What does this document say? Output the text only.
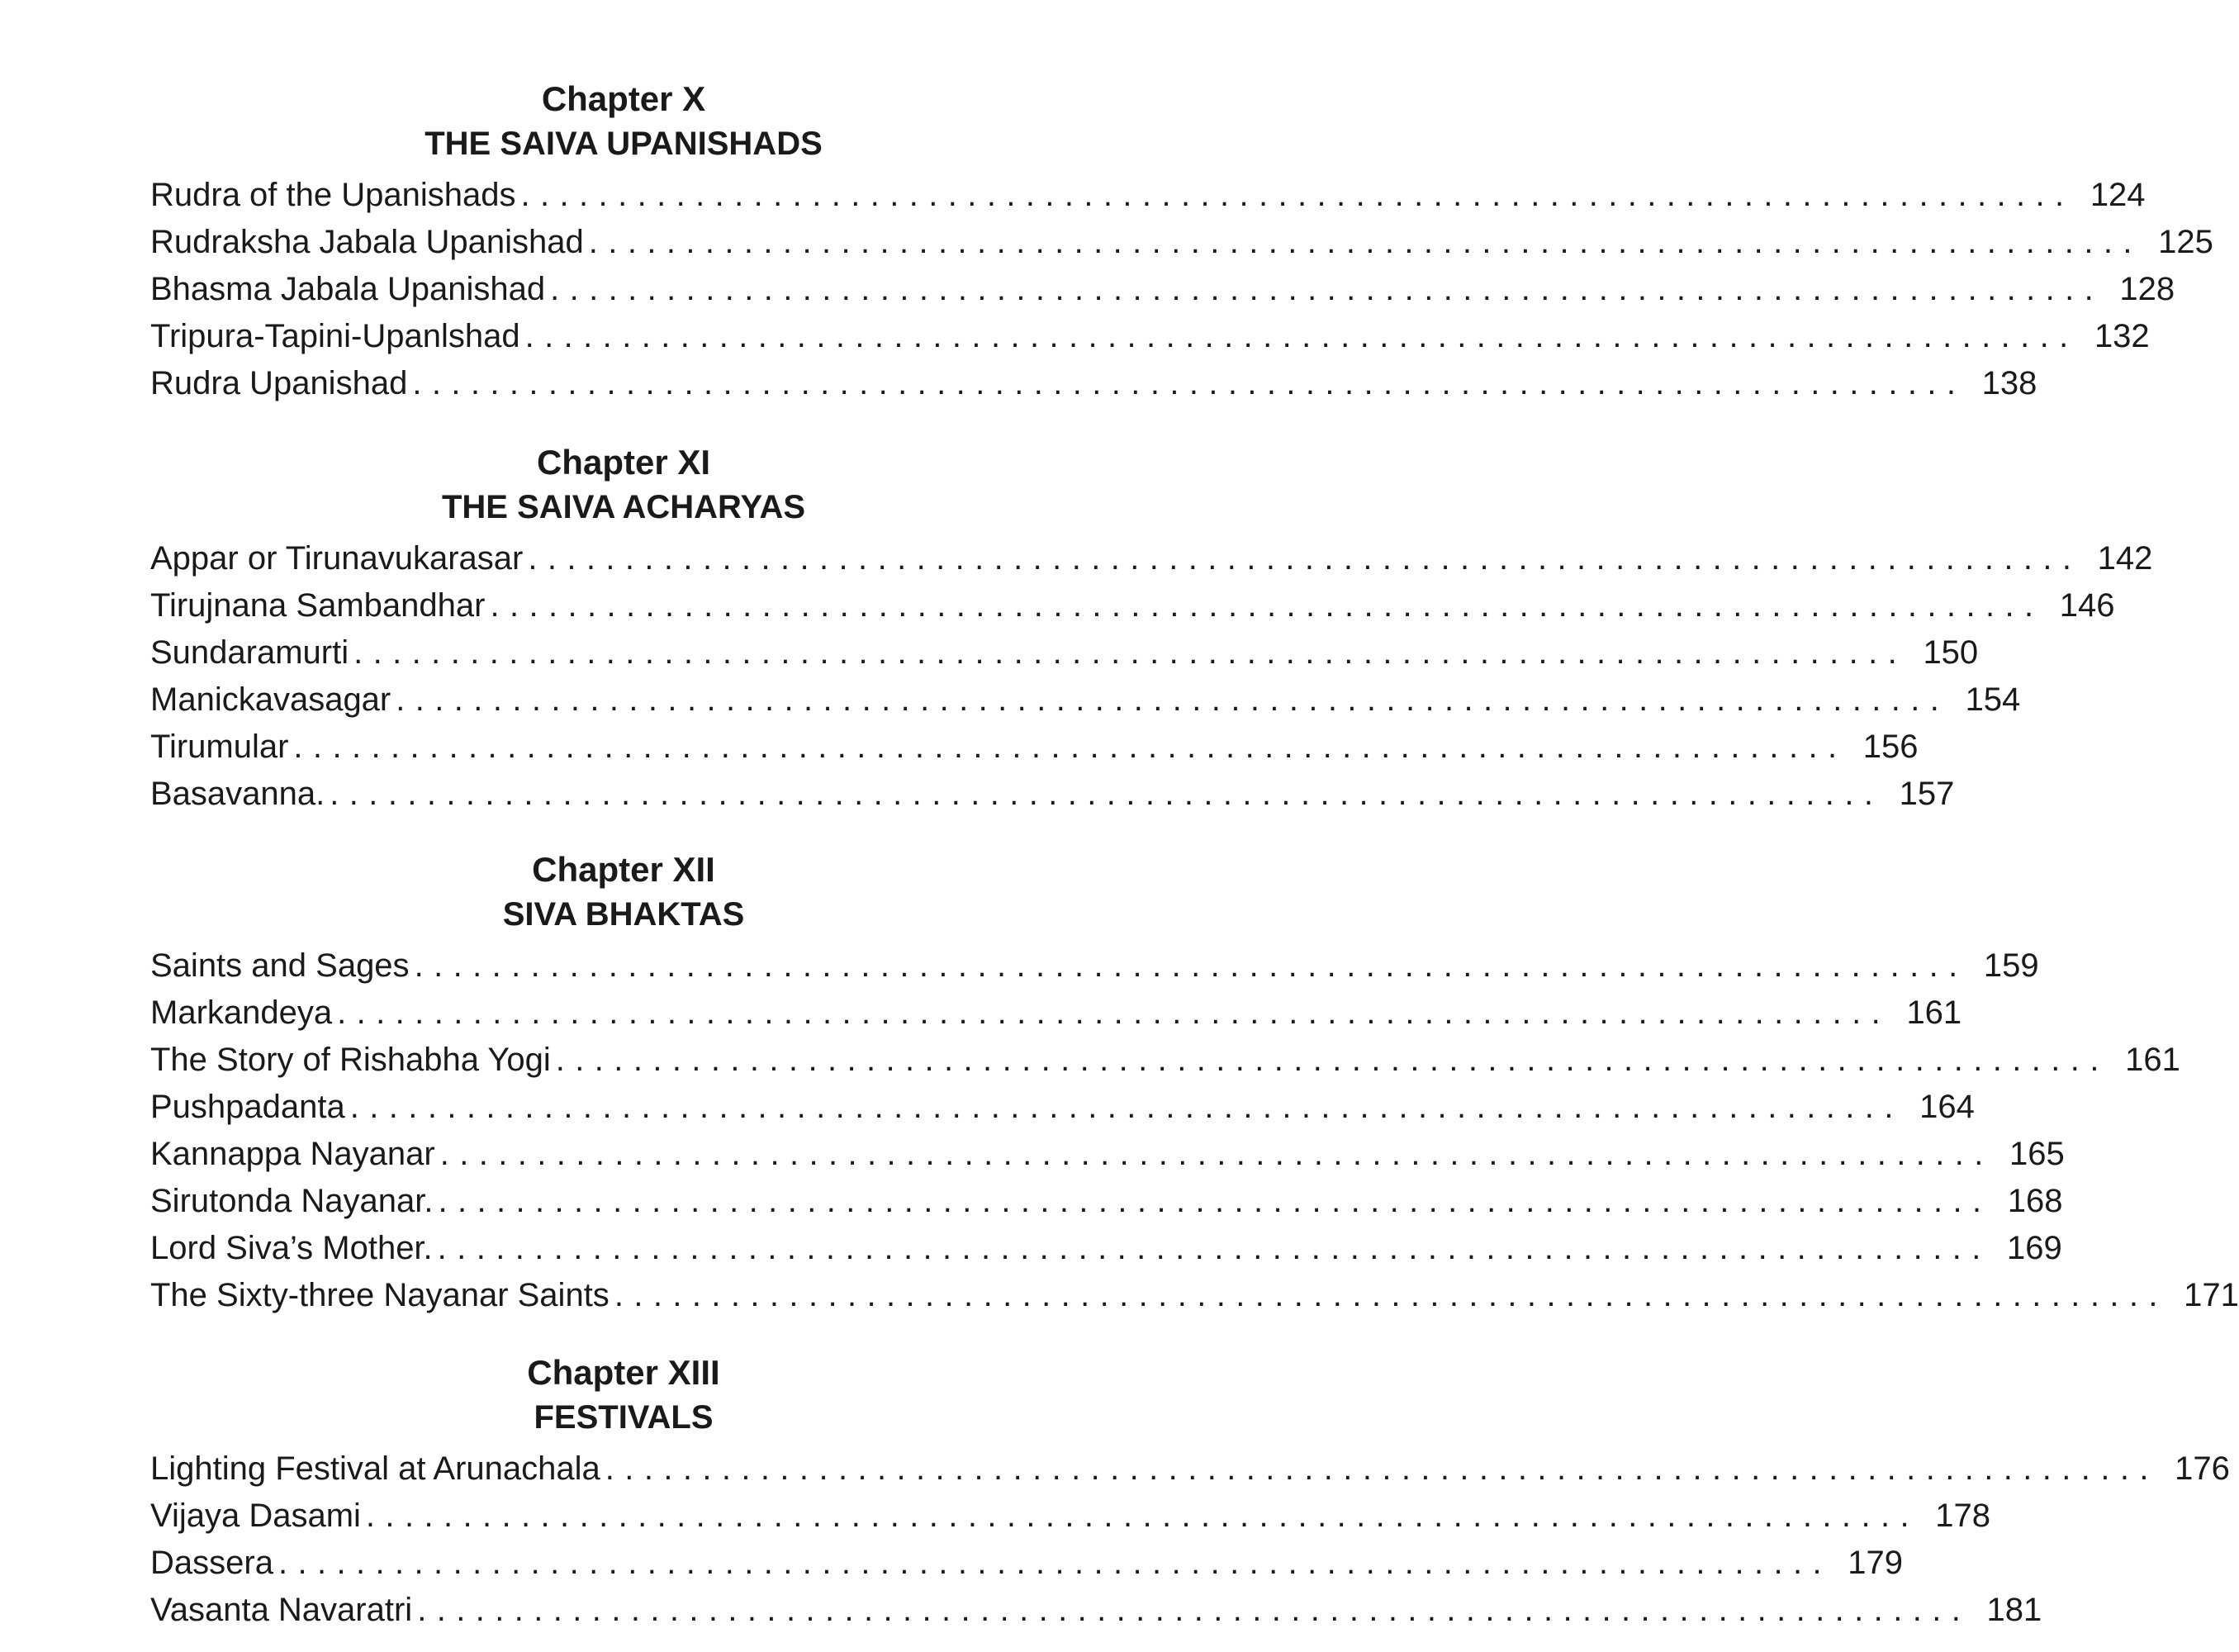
Chapter X
THE SAIVA UPANISHADS
Rudra of the Upanishads ................................................................................ 124
Rudraksha Jabala Upanishad ................................................................................ 125
Bhasma Jabala Upanishad ................................................................................ 128
Tripura-Tapini-Upanlshad ................................................................................ 132
Rudra Upanishad ................................................................................ 138
Chapter XI
THE SAIVA ACHARYAS
Appar or Tirunavukarasar ................................................................................ 142
Tirujnana Sambandhar ................................................................................ 146
Sundaramurti ................................................................................ 150
Manickavasagar ................................................................................ 154
Tirumular ................................................................................ 156
Basavanna. ................................................................................ 157
Chapter XII
SIVA BHAKTAS
Saints and Sages ................................................................................ 159
Markandeya ................................................................................ 161
The Story of Rishabha Yogi ................................................................................ 161
Pushpadanta ................................................................................ 164
Kannappa Nayanar ................................................................................ 165
Sirutonda Nayanar. ................................................................................ 168
Lord Siva’s Mother. ................................................................................ 169
The Sixty-three Nayanar Saints ................................................................................ 171
Chapter XIII
FESTIVALS
Lighting Festival at Arunachala ................................................................................ 176
Vijaya Dasami ................................................................................ 178
Dassera ................................................................................ 179
Vasanta Navaratri ................................................................................ 181
